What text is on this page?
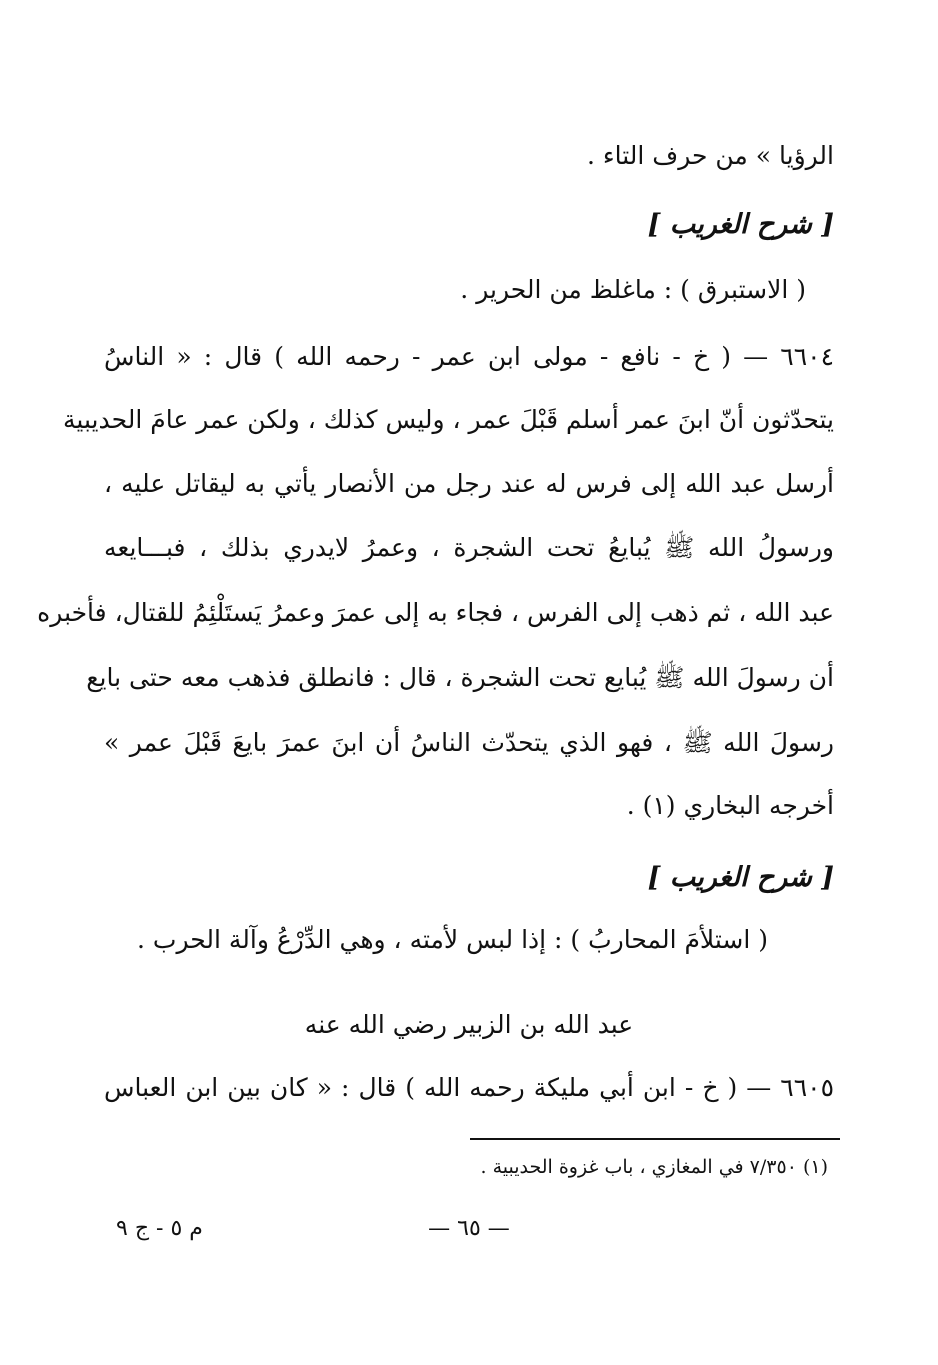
الرؤيا » من حرف التاء .
[ شرح الغريب ]
( الاستبرق ) : ماغلظ من الحرير .
٦٦٠٤ — ( خ - نافع - مولى ابن عمر - رحمه الله ) قال : « الناسُ
يتحدّثون أنّ ابنَ عمر أسلم قَبْلَ عمر ، وليس كذلك ، ولكن عمر عامَ الحديبية
أرسل عبد الله إلى فرس له عند رجل من الأنصار يأتي به ليقاتل عليه ،
ورسولُ الله ﷺ يُبايعُ تحت الشجرة ، وعمرُ لايدري بذلك ، فبـــايعه
عبد الله ، ثم ذهب إلى الفرس ، فجاء به إلى عمرَ وعمرُ يَستَلْئِمُ للقتال، فأخبره
أن رسولَ الله ﷺ يُبايع تحت الشجرة ، قال : فانطلق فذهب معه حتى بايع
رسولَ الله ﷺ ، فهو الذي يتحدّث الناسُ أن ابنَ عمرَ بايعَ قَبْلَ عمر »
أخرجه البخاري (١) .
[ شرح الغريب ]
( استلأمَ المحاربُ ) : إذا لبس لأمته ، وهي الدِّرْعُ وآلة الحرب .
عبد الله بن الزبير رضي الله عنه
٦٦٠٥ — ( خ - ابن أبي مليكة رحمه الله ) قال : « كان بين ابن العباس
(١) ٧/٣٥٠ في المغازي ، باب غزوة الحديبية .
— ٦٥ —
م ٥ - ج ٩
